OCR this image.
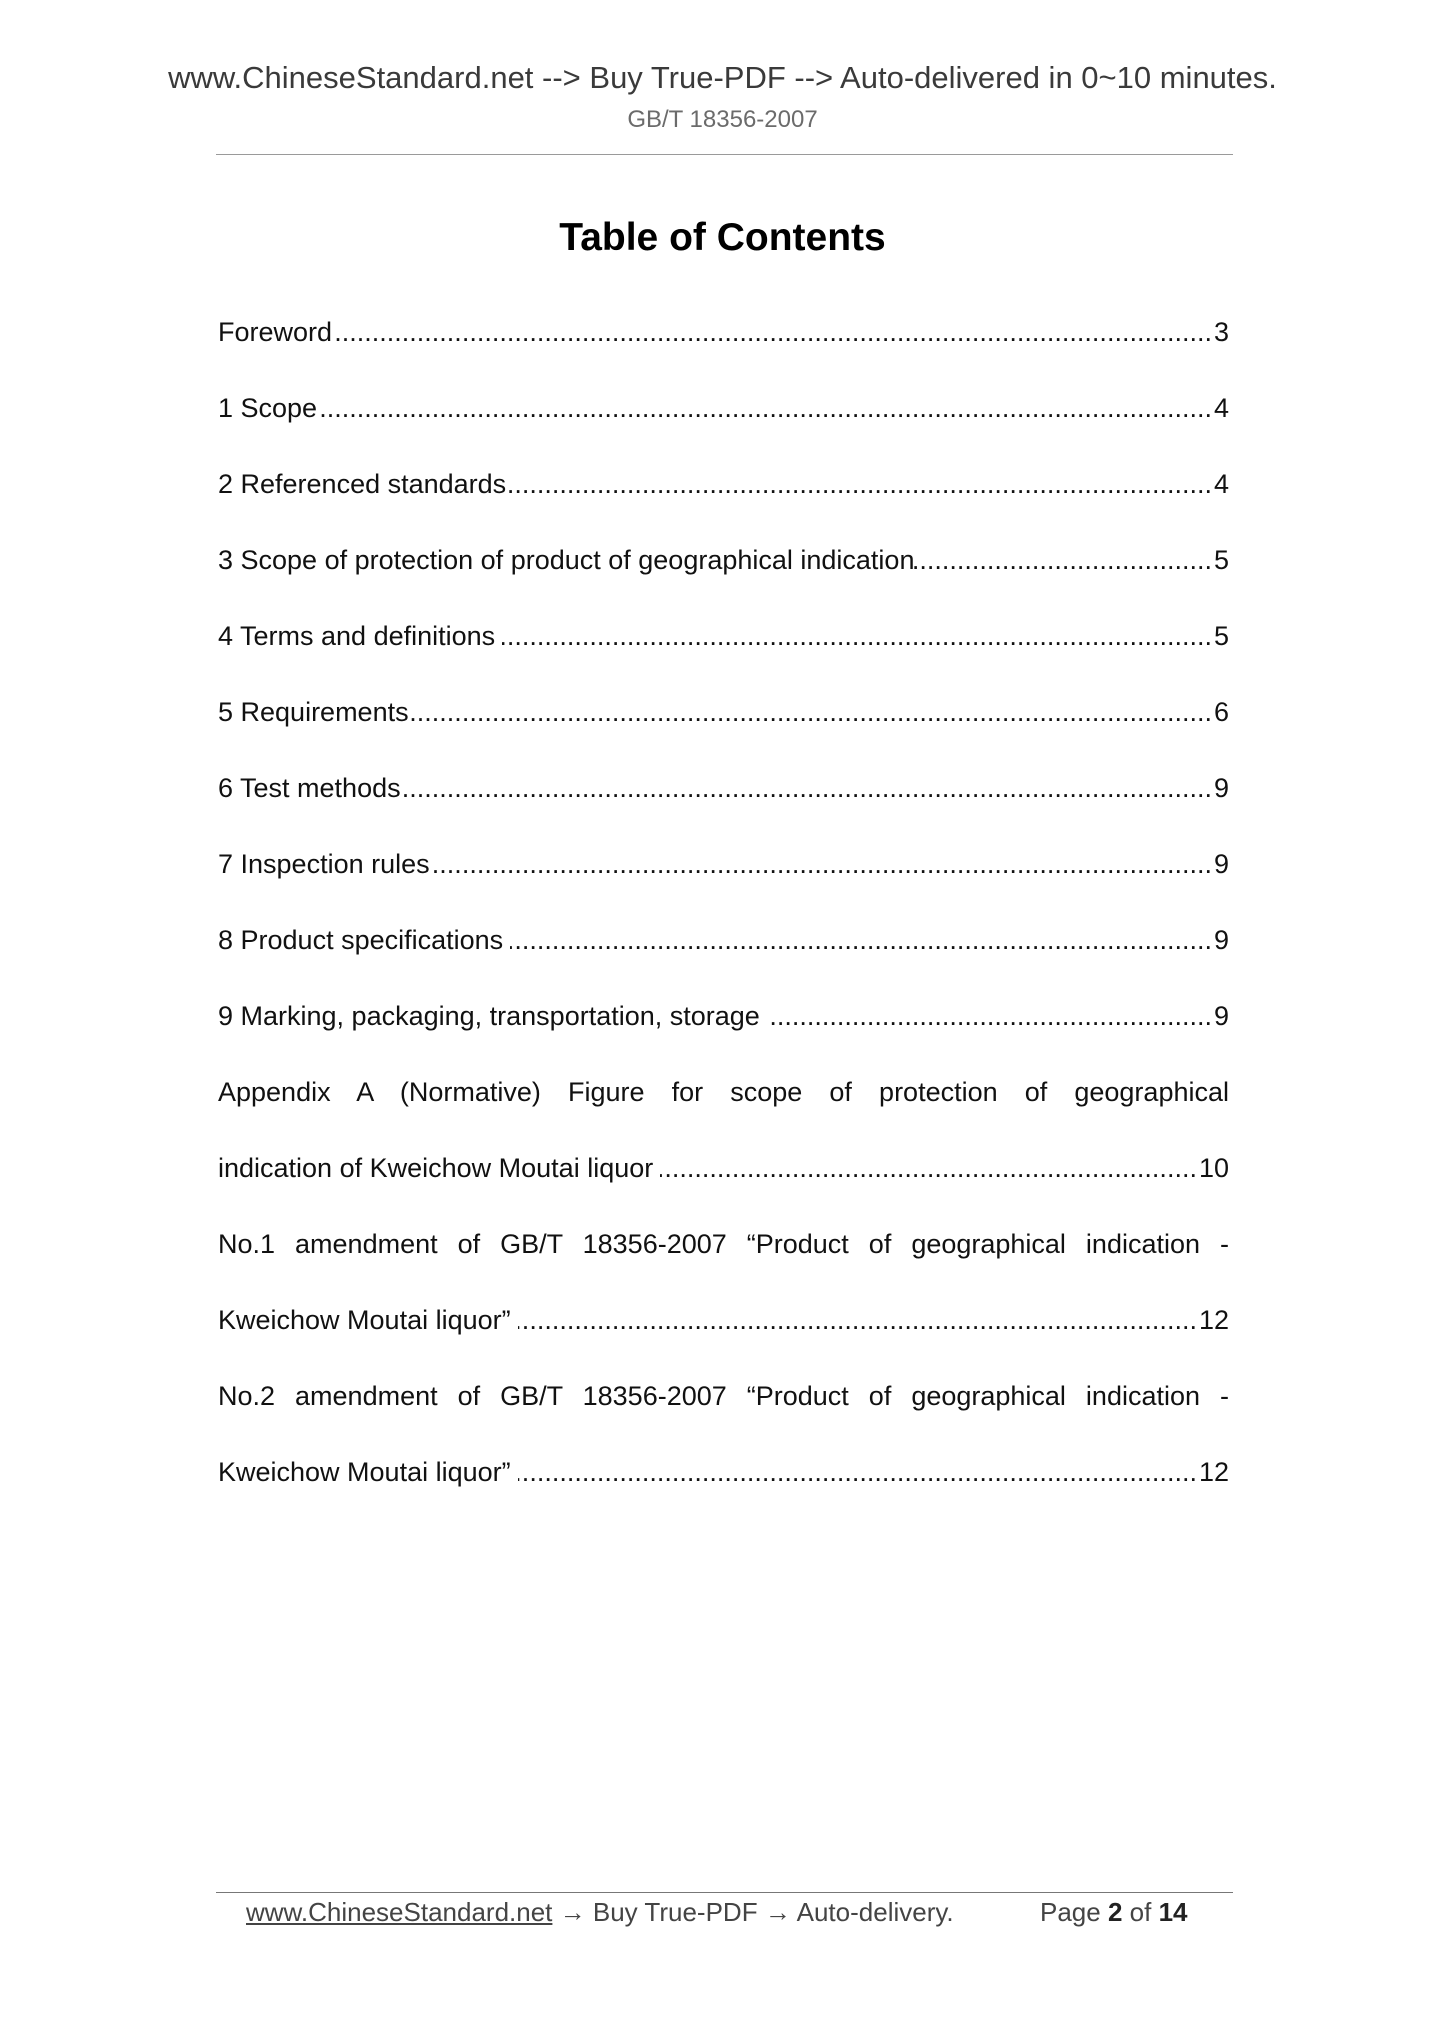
www.ChineseStandard.net --> Buy True-PDF --> Auto-delivered in 0~10 minutes.
GB/T 18356-2007
Table of Contents
Foreword .....	3
1 Scope .....	4
2 Referenced standards .....	4
3 Scope of protection of product of geographical indication .....	5
4 Terms and definitions .....	5
5 Requirements .....	6
6 Test methods .....	9
7 Inspection rules .....	9
8 Product specifications .....	9
9 Marking, packaging, transportation, storage .....	9
Appendix A (Normative) Figure for scope of protection of geographical
indication of Kweichow Moutai liquor .....	10
No.1 amendment of GB/T 18356-2007 “Product of geographical indication -
Kweichow Moutai liquor” .....	12
No.2 amendment of GB/T 18356-2007 “Product of geographical indication -
Kweichow Moutai liquor” .....	12
www.ChineseStandard.net → Buy True-PDF → Auto-delivery.	Page 2 of 14
